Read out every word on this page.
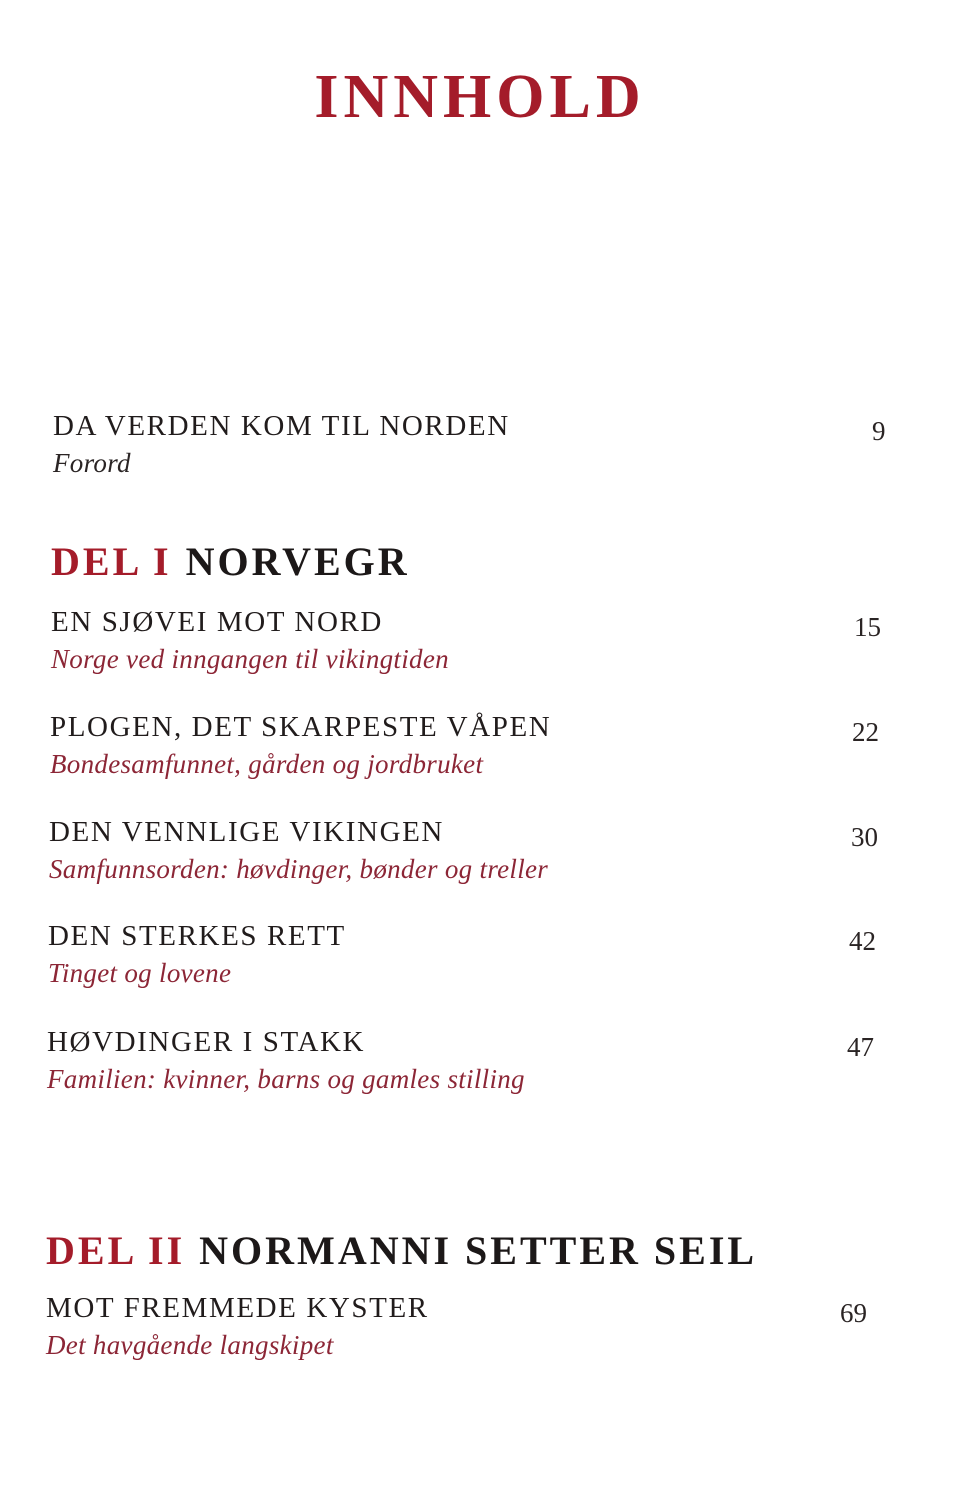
INNHOLD
DA VERDEN KOM TIL NORDEN
Forord
9
DEL I NORVEGR
EN SJØVEI MOT NORD
Norge ved inngangen til vikingtiden
15
PLOGEN, DET SKARPESTE VÅPEN
Bondesamfunnet, gården og jordbruket
22
DEN VENNLIGE VIKINGEN
Samfunnsorden: høvdinger, bønder og treller
30
DEN STERKES RETT
Tinget og lovene
42
HØVDINGER I STAKK
Familien: kvinner, barns og gamles stilling
47
DEL II NORMANNI SETTER SEIL
MOT FREMMEDE KYSTER
Det havgående langskipet
69
